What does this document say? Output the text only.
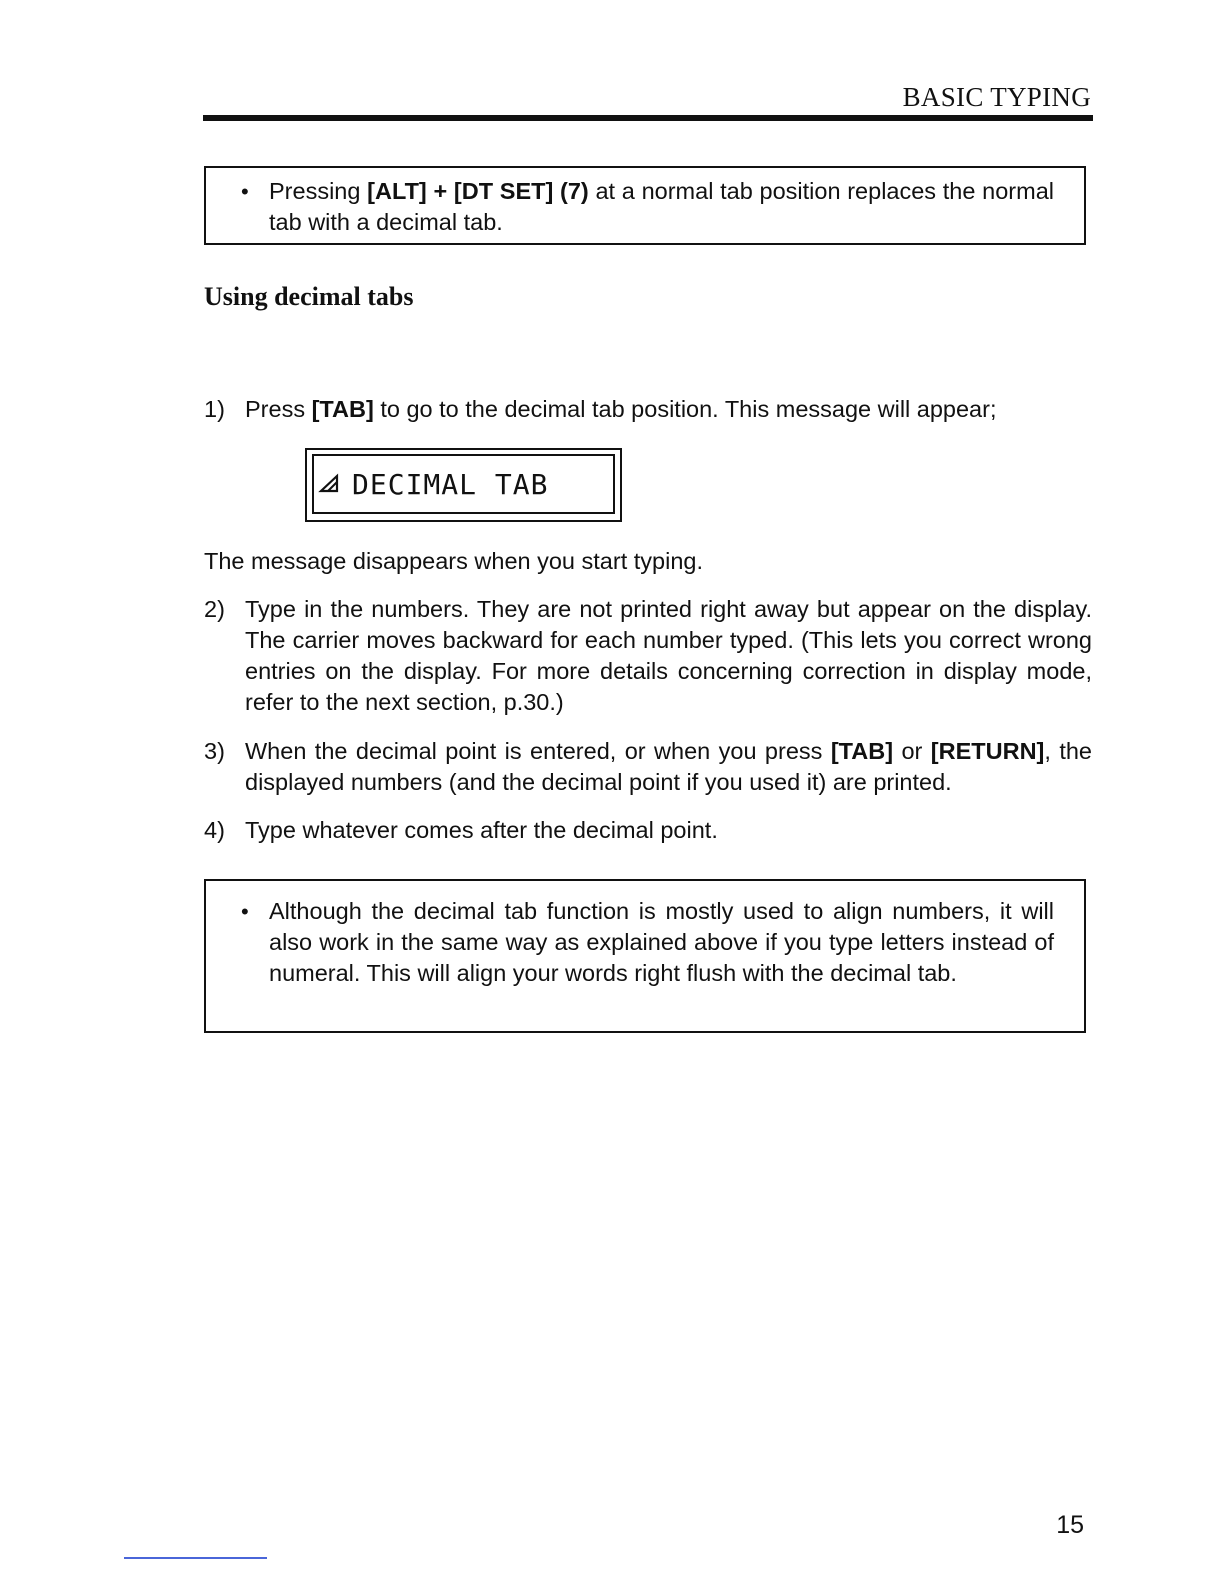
BASIC TYPING
• Pressing [ALT] + [DT SET] (7) at a normal tab position replaces the normal tab with a decimal tab.
Using decimal tabs
1) Press [TAB] to go to the decimal tab position. This message will appear;
DECIMAL TAB
The message disappears when you start typing.
2) Type in the numbers. They are not printed right away but appear on the display. The carrier moves backward for each number typed. (This lets you correct wrong entries on the display. For more details concerning correction in display mode, refer to the next section, p.30.)
3) When the decimal point is entered, or when you press [TAB] or [RETURN], the displayed numbers (and the decimal point if you used it) are printed.
4) Type whatever comes after the decimal point.
• Although the decimal tab function is mostly used to align numbers, it will also work in the same way as explained above if you type letters instead of numeral. This will align your words right flush with the decimal tab.
15
